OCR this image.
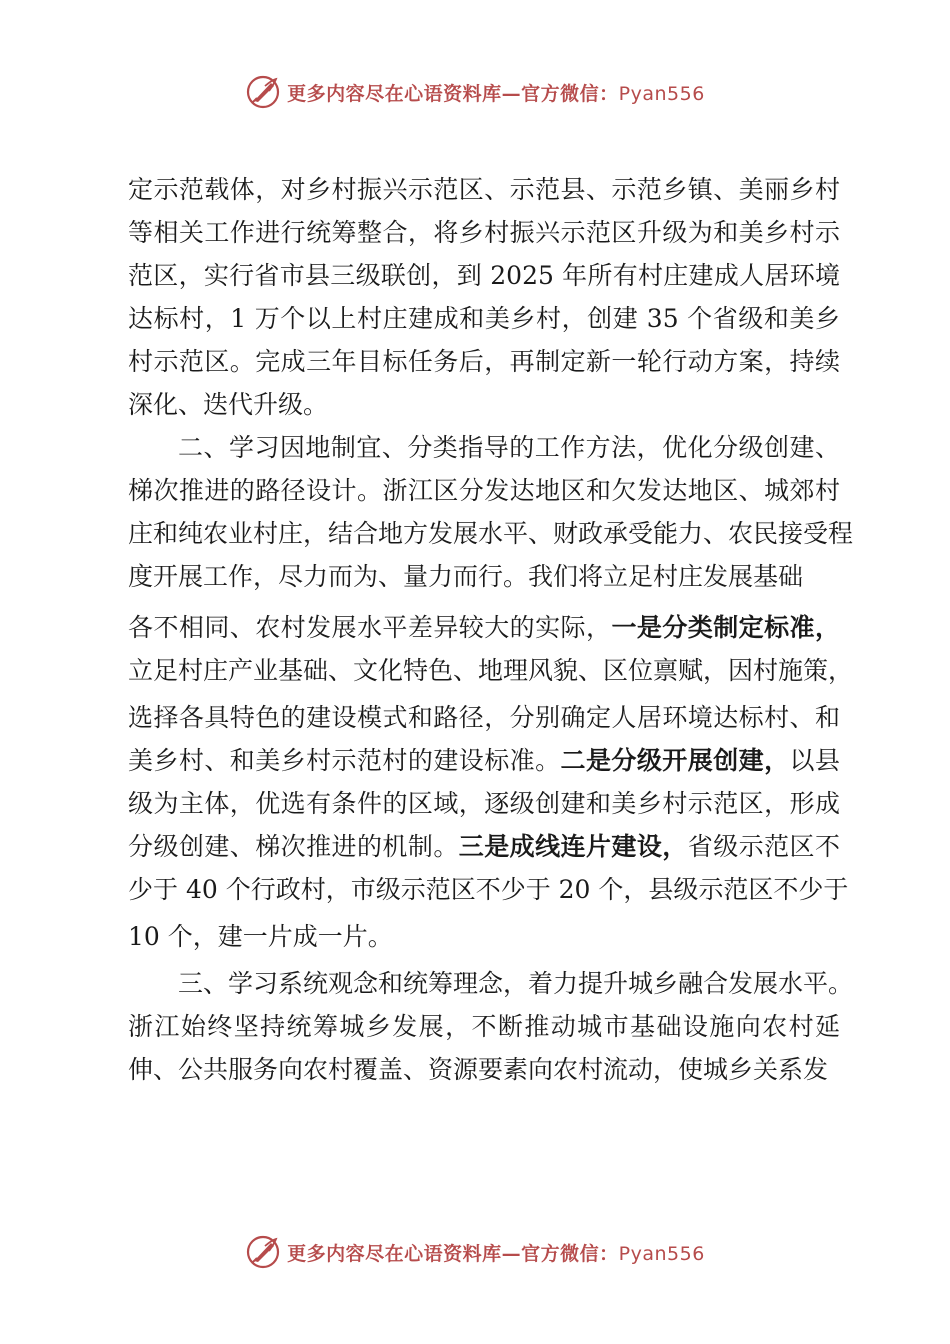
更多内容尽在心语资料库—官方微信：Pyan556
定示范载体，对乡村振兴示范区、示范县、示范乡镇、美丽乡村
等相关工作进行统筹整合，将乡村振兴示范区升级为和美乡村示
范区，实行省市县三级联创，到 2025 年所有村庄建成人居环境
达标村，1 万个以上村庄建成和美乡村，创建 35 个省级和美乡
村示范区。完成三年目标任务后，再制定新一轮行动方案，持续
深化、迭代升级。
二、学习因地制宜、分类指导的工作方法，优化分级创建、
梯次推进的路径设计。浙江区分发达地区和欠发达地区、城郊村
庄和纯农业村庄，结合地方发展水平、财政承受能力、农民接受程
度开展工作，尽力而为、量力而行。我们将立足村庄发展基础
各不相同、农村发展水平差异较大的实际，一是分类制定标准，
立足村庄产业基础、文化特色、地理风貌、区位禀赋，因村施策，
选择各具特色的建设模式和路径，分别确定人居环境达标村、和
美乡村、和美乡村示范村的建设标准。二是分级开展创建，以县
级为主体，优选有条件的区域，逐级创建和美乡村示范区，形成
分级创建、梯次推进的机制。三是成线连片建设，省级示范区不
少于 40 个行政村，市级示范区不少于 20 个，县级示范区不少于
10 个，建一片成一片。
三、学习系统观念和统筹理念，着力提升城乡融合发展水平。
浙江始终坚持统筹城乡发展，不断推动城市基础设施向农村延
伸、公共服务向农村覆盖、资源要素向农村流动，使城乡关系发
更多内容尽在心语资料库—官方微信：Pyan556
